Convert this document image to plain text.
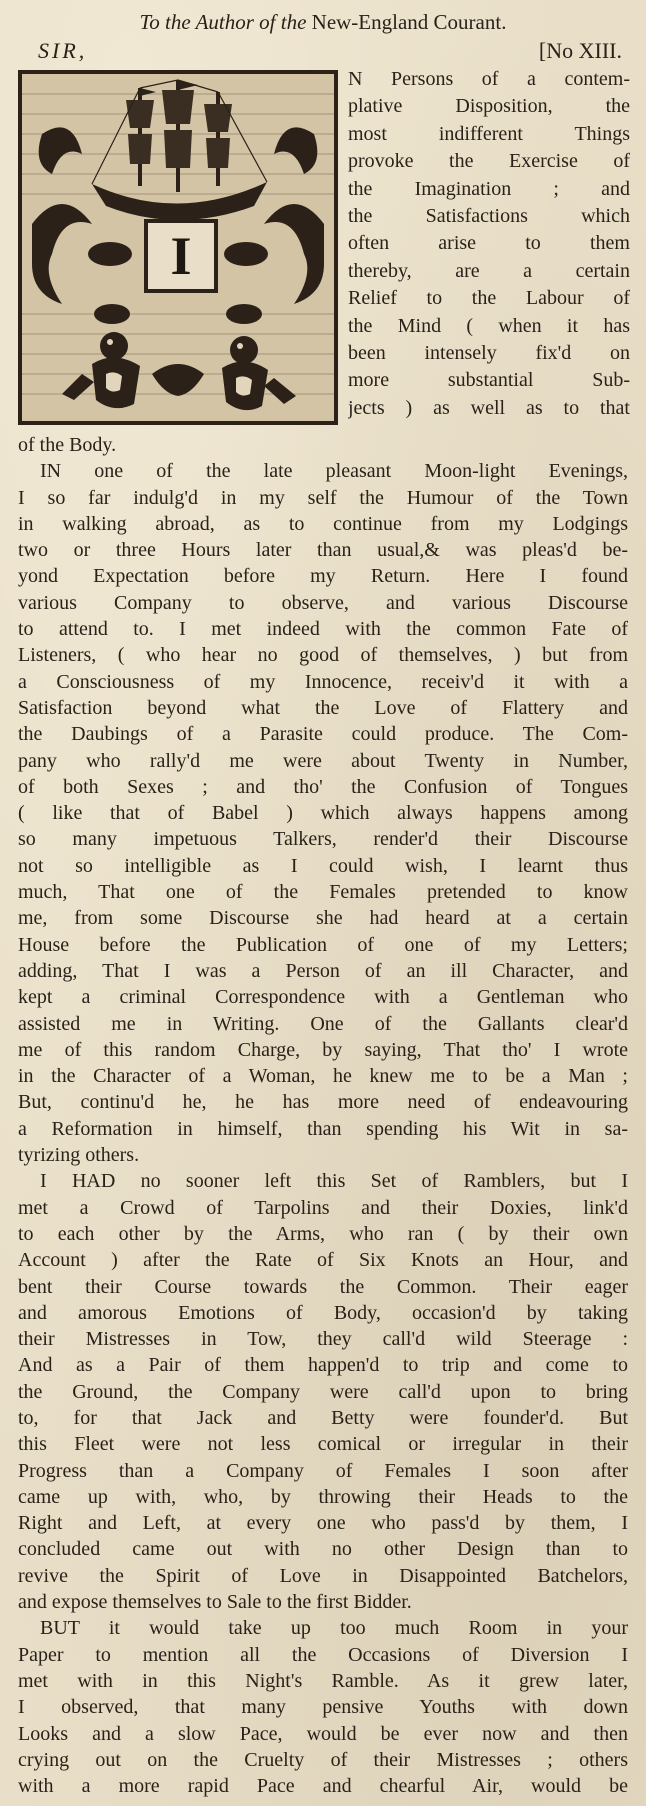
To the Author of the New-England Courant.
SIR,	[No XIII.
I
N Persons of a contem-
plative Disposition, the
most indifferent Things
provoke the Exercise of
the Imagination ; and
the Satisfactions which
often arise to them
thereby, are a certain
Relief to the Labour of
the Mind ( when it has
been intensely fix'd on
more substantial Sub-
jects ) as well as to that
of the Body.
IN one of the late pleasant Moon-light Evenings,
I so far indulg'd in my self the Humour of the Town
in walking abroad, as to continue from my Lodgings
two or three Hours later than usual,& was pleas'd be-
yond Expectation before my Return. Here I found
various Company to observe, and various Discourse
to attend to. I met indeed with the common Fate of
Listeners, ( who hear no good of themselves, ) but from
a Consciousness of my Innocence, receiv'd it with a
Satisfaction beyond what the Love of Flattery and
the Daubings of a Parasite could produce. The Com-
pany who rally'd me were about Twenty in Number,
of both Sexes ; and tho' the Confusion of Tongues
( like that of Babel ) which always happens among
so many impetuous Talkers, render'd their Discourse
not so intelligible as I could wish, I learnt thus
much, That one of the Females pretended to know
me, from some Discourse she had heard at a certain
House before the Publication of one of my Letters;
adding, That I was a Person of an ill Character, and
kept a criminal Correspondence with a Gentleman who
assisted me in Writing. One of the Gallants clear'd
me of this random Charge, by saying, That tho' I wrote
in the Character of a Woman, he knew me to be a Man ;
But, continu'd he, he has more need of endeavouring
a Reformation in himself, than spending his Wit in sa-
tyrizing others.
I HAD no sooner left this Set of Ramblers, but I
met a Crowd of Tarpolins and their Doxies, link'd
to each other by the Arms, who ran ( by their own
Account ) after the Rate of Six Knots an Hour, and
bent their Course towards the Common. Their eager
and amorous Emotions of Body, occasion'd by taking
their Mistresses in Tow, they call'd wild Steerage :
And as a Pair of them happen'd to trip and come to
the Ground, the Company were call'd upon to bring
to, for that Jack and Betty were founder'd. But
this Fleet were not less comical or irregular in their
Progress than a Company of Females I soon after
came up with, who, by throwing their Heads to the
Right and Left, at every one who pass'd by them, I
concluded came out with no other Design than to
revive the Spirit of Love in Disappointed Batchelors,
and expose themselves to Sale to the first Bidder.
BUT it would take up too much Room in your
Paper to mention all the Occasions of Diversion I
met with in this Night's Ramble. As it grew later,
I observed, that many pensive Youths with down
Looks and a slow Pace, would be ever now and then
crying out on the Cruelty of their Mistresses ; others
with a more rapid Pace and chearful Air, would be
